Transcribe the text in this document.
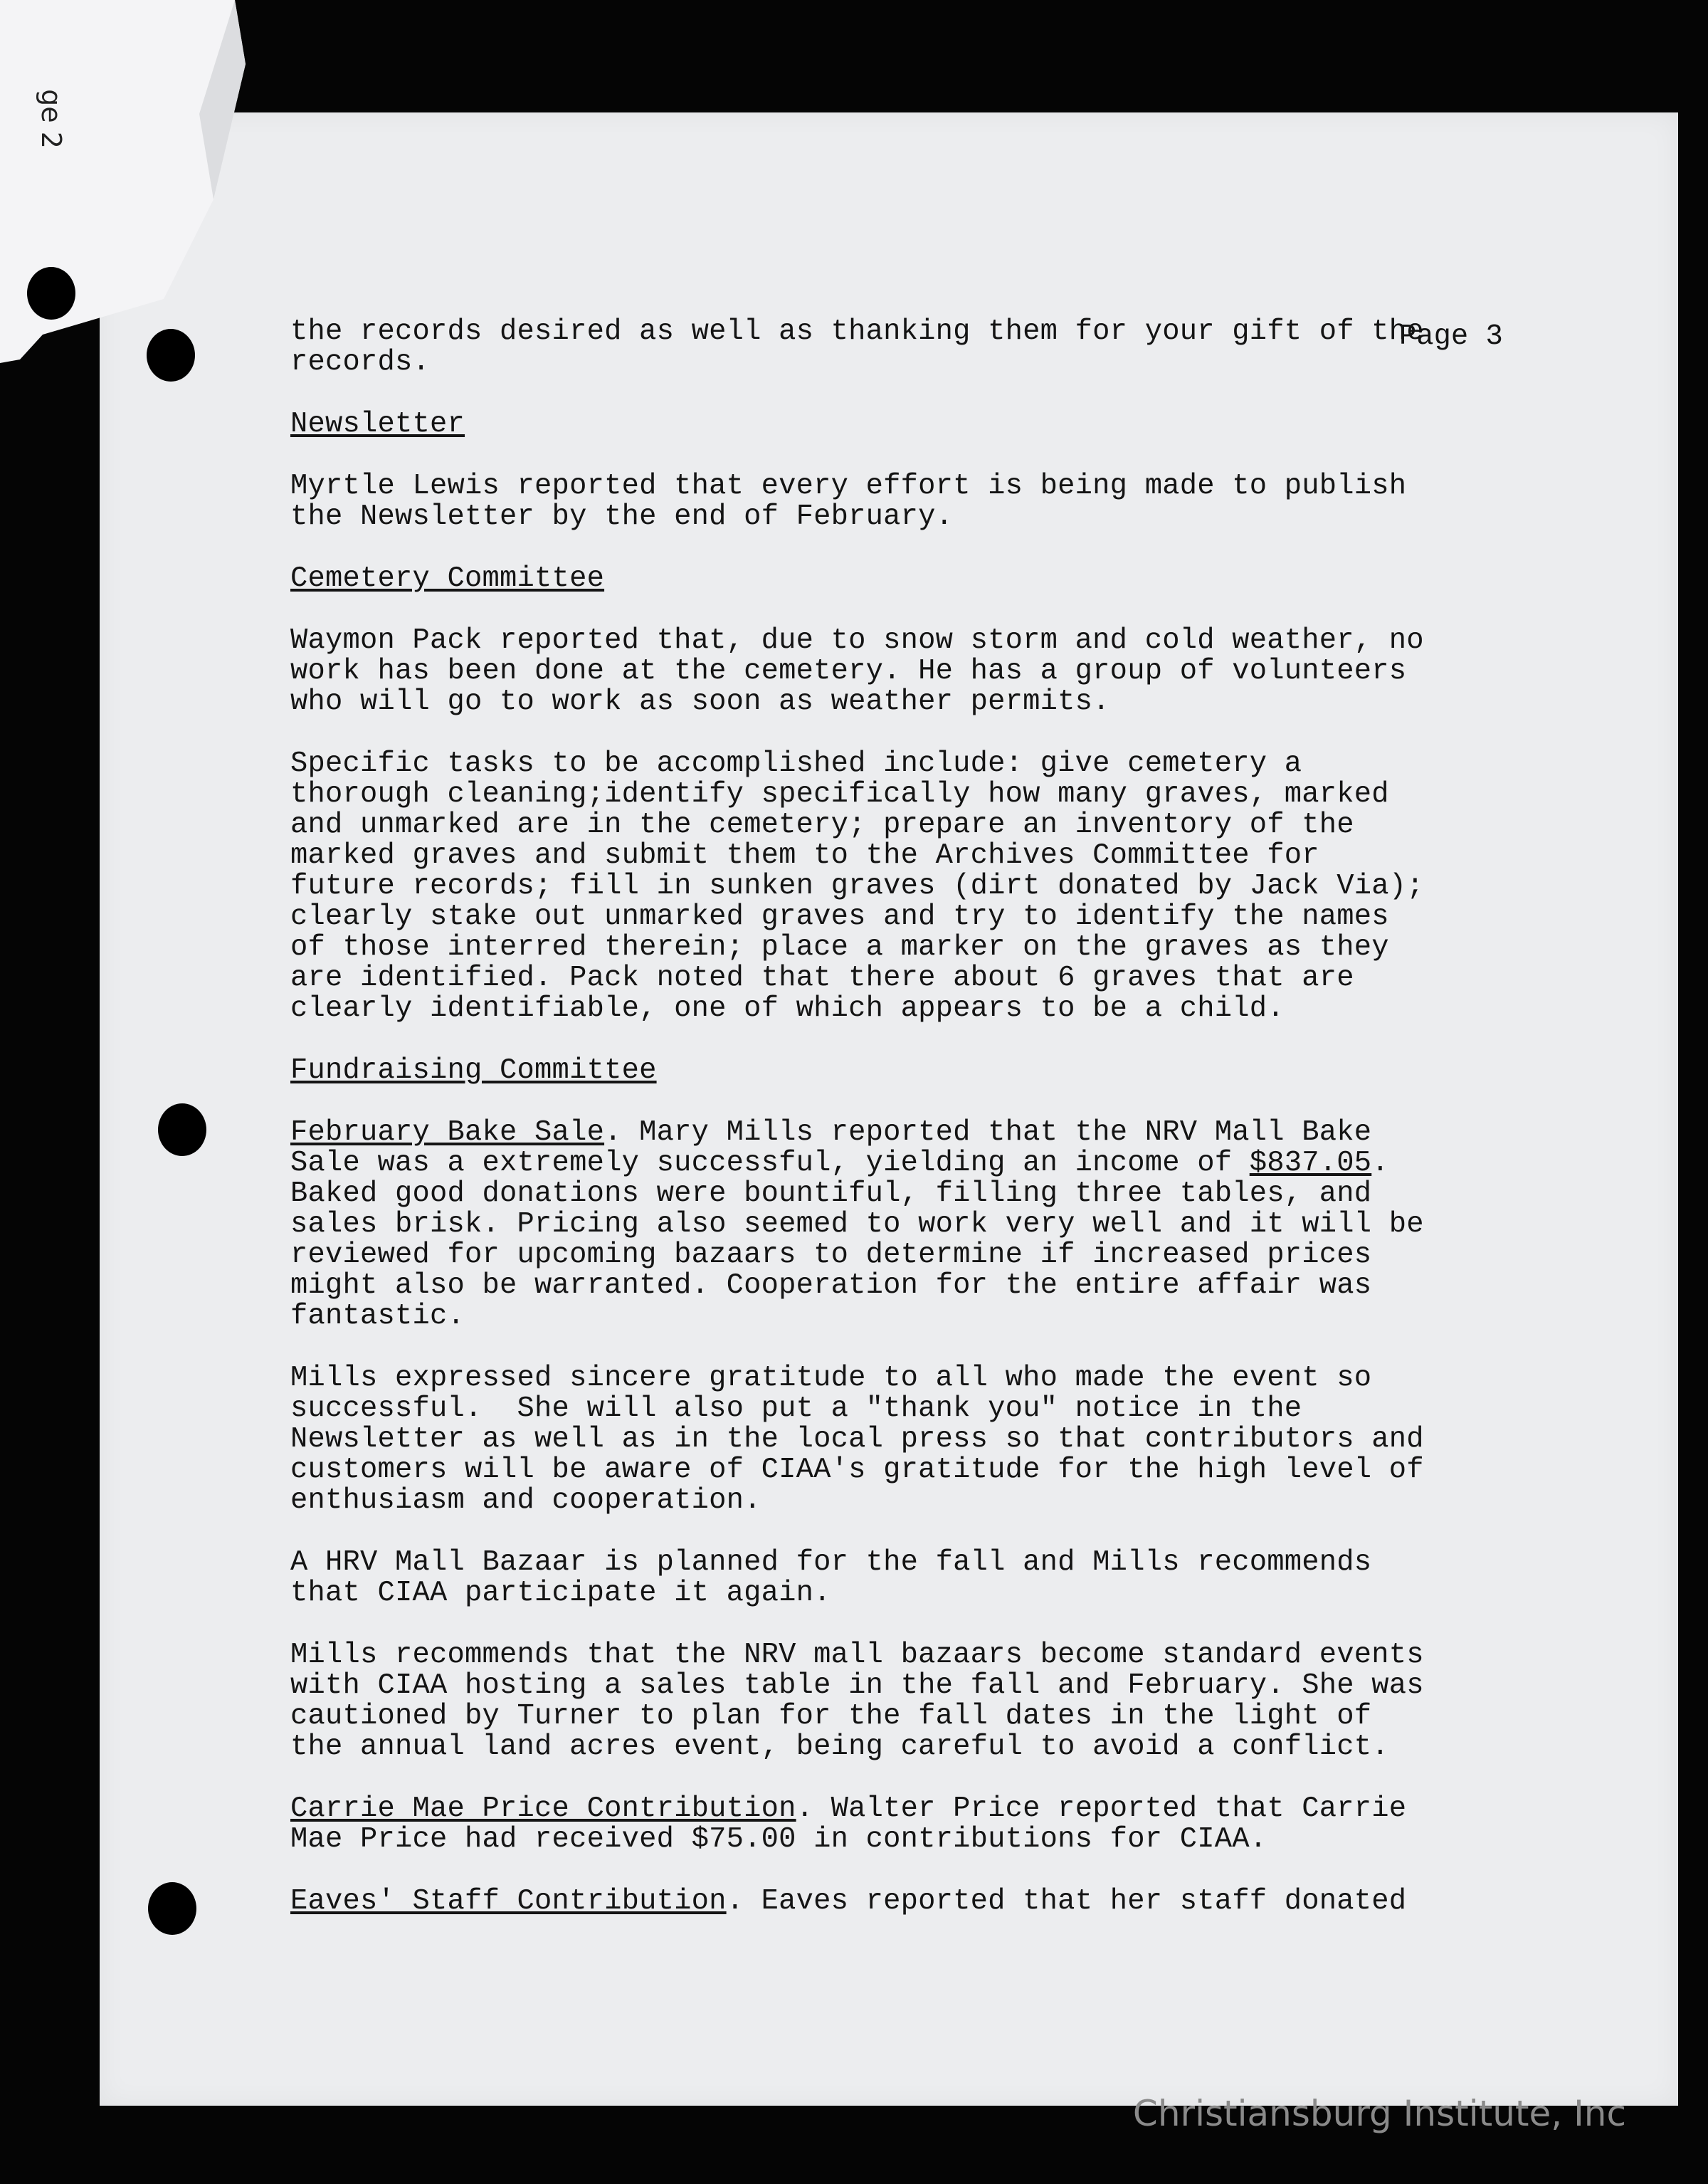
ge 2
Page 3

the records desired as well as thanking them for your gift of the
records.

Newsletter

Myrtle Lewis reported that every effort is being made to publish
the Newsletter by the end of February.

Cemetery Committee

Waymon Pack reported that, due to snow storm and cold weather, no
work has been done at the cemetery. He has a group of volunteers
who will go to work as soon as weather permits.

Specific tasks to be accomplished include: give cemetery a
thorough cleaning;identify specifically how many graves, marked
and unmarked are in the cemetery; prepare an inventory of the
marked graves and submit them to the Archives Committee for
future records; fill in sunken graves (dirt donated by Jack Via);
clearly stake out unmarked graves and try to identify the names
of those interred therein; place a marker on the graves as they
are identified. Pack noted that there about 6 graves that are
clearly identifiable, one of which appears to be a child.

Fundraising Committee

February Bake Sale. Mary Mills reported that the NRV Mall Bake
Sale was a extremely successful, yielding an income of $837.05.
Baked good donations were bountiful, filling three tables, and
sales brisk. Pricing also seemed to work very well and it will be
reviewed for upcoming bazaars to determine if increased prices
might also be warranted. Cooperation for the entire affair was
fantastic.

Mills expressed sincere gratitude to all who made the event so
successful.  She will also put a "thank you" notice in the
Newsletter as well as in the local press so that contributors and
customers will be aware of CIAA's gratitude for the high level of
enthusiasm and cooperation.

A HRV Mall Bazaar is planned for the fall and Mills recommends
that CIAA participate it again.

Mills recommends that the NRV mall bazaars become standard events
with CIAA hosting a sales table in the fall and February. She was
cautioned by Turner to plan for the fall dates in the light of
the annual land acres event, being careful to avoid a conflict.

Carrie Mae Price Contribution. Walter Price reported that Carrie
Mae Price had received $75.00 in contributions for CIAA.

Eaves' Staff Contribution. Eaves reported that her staff donated

Christiansburg Institute, Inc
